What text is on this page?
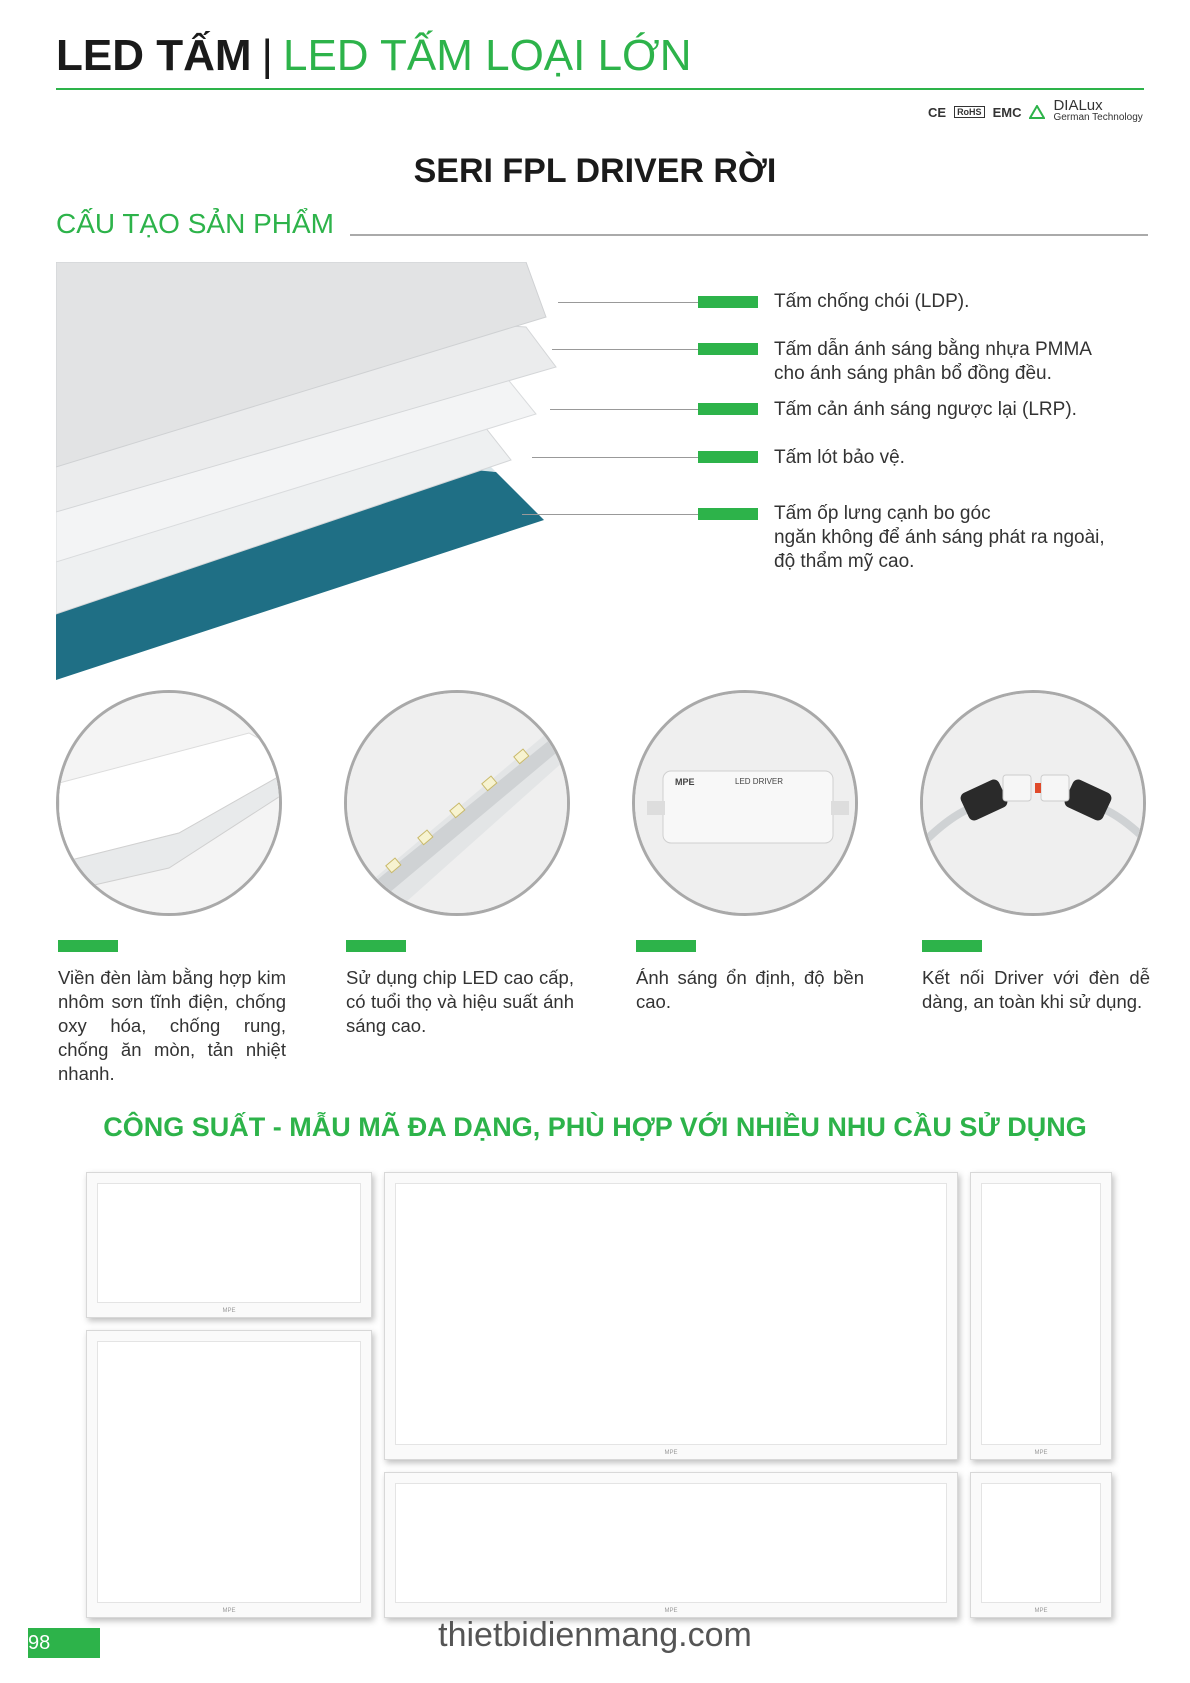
LED TẤM | LED TẤM LOẠI LỚN
CE	RoHS EMC DIALux
German Technology
SERI FPL DRIVER RỜI
CẤU TẠO SẢN PHẨM
Tấm chống chói (LDP).
Tấm dẫn ánh sáng bằng nhựa PMMA
cho ánh sáng phân bổ đồng đều.
Tấm cản ánh sáng ngược lại (LRP).
Tấm lót bảo vệ.
Tấm ốp lưng cạnh bo góc
ngăn không để ánh sáng phát ra ngoài,
độ thẩm mỹ cao.
MPE	LED DRIVER
Viền đèn làm bằng hợp kim nhôm sơn tĩnh điện, chống oxy hóa, chống rung, chống ăn mòn, tản nhiệt nhanh.
Sử dụng chip LED cao cấp, có tuổi thọ và hiệu suất ánh sáng cao.
Ánh sáng ổn định, độ bền cao.
Kết nối Driver với đèn dễ dàng, an toàn khi sử dụng.
CÔNG SUẤT - MẪU MÃ ĐA DẠNG, PHÙ HỢP VỚI NHIỀU NHU CẦU SỬ DỤNG
MPE
MPE
MPE
MPE
MPE
MPE
98	thietbidienmang.com
